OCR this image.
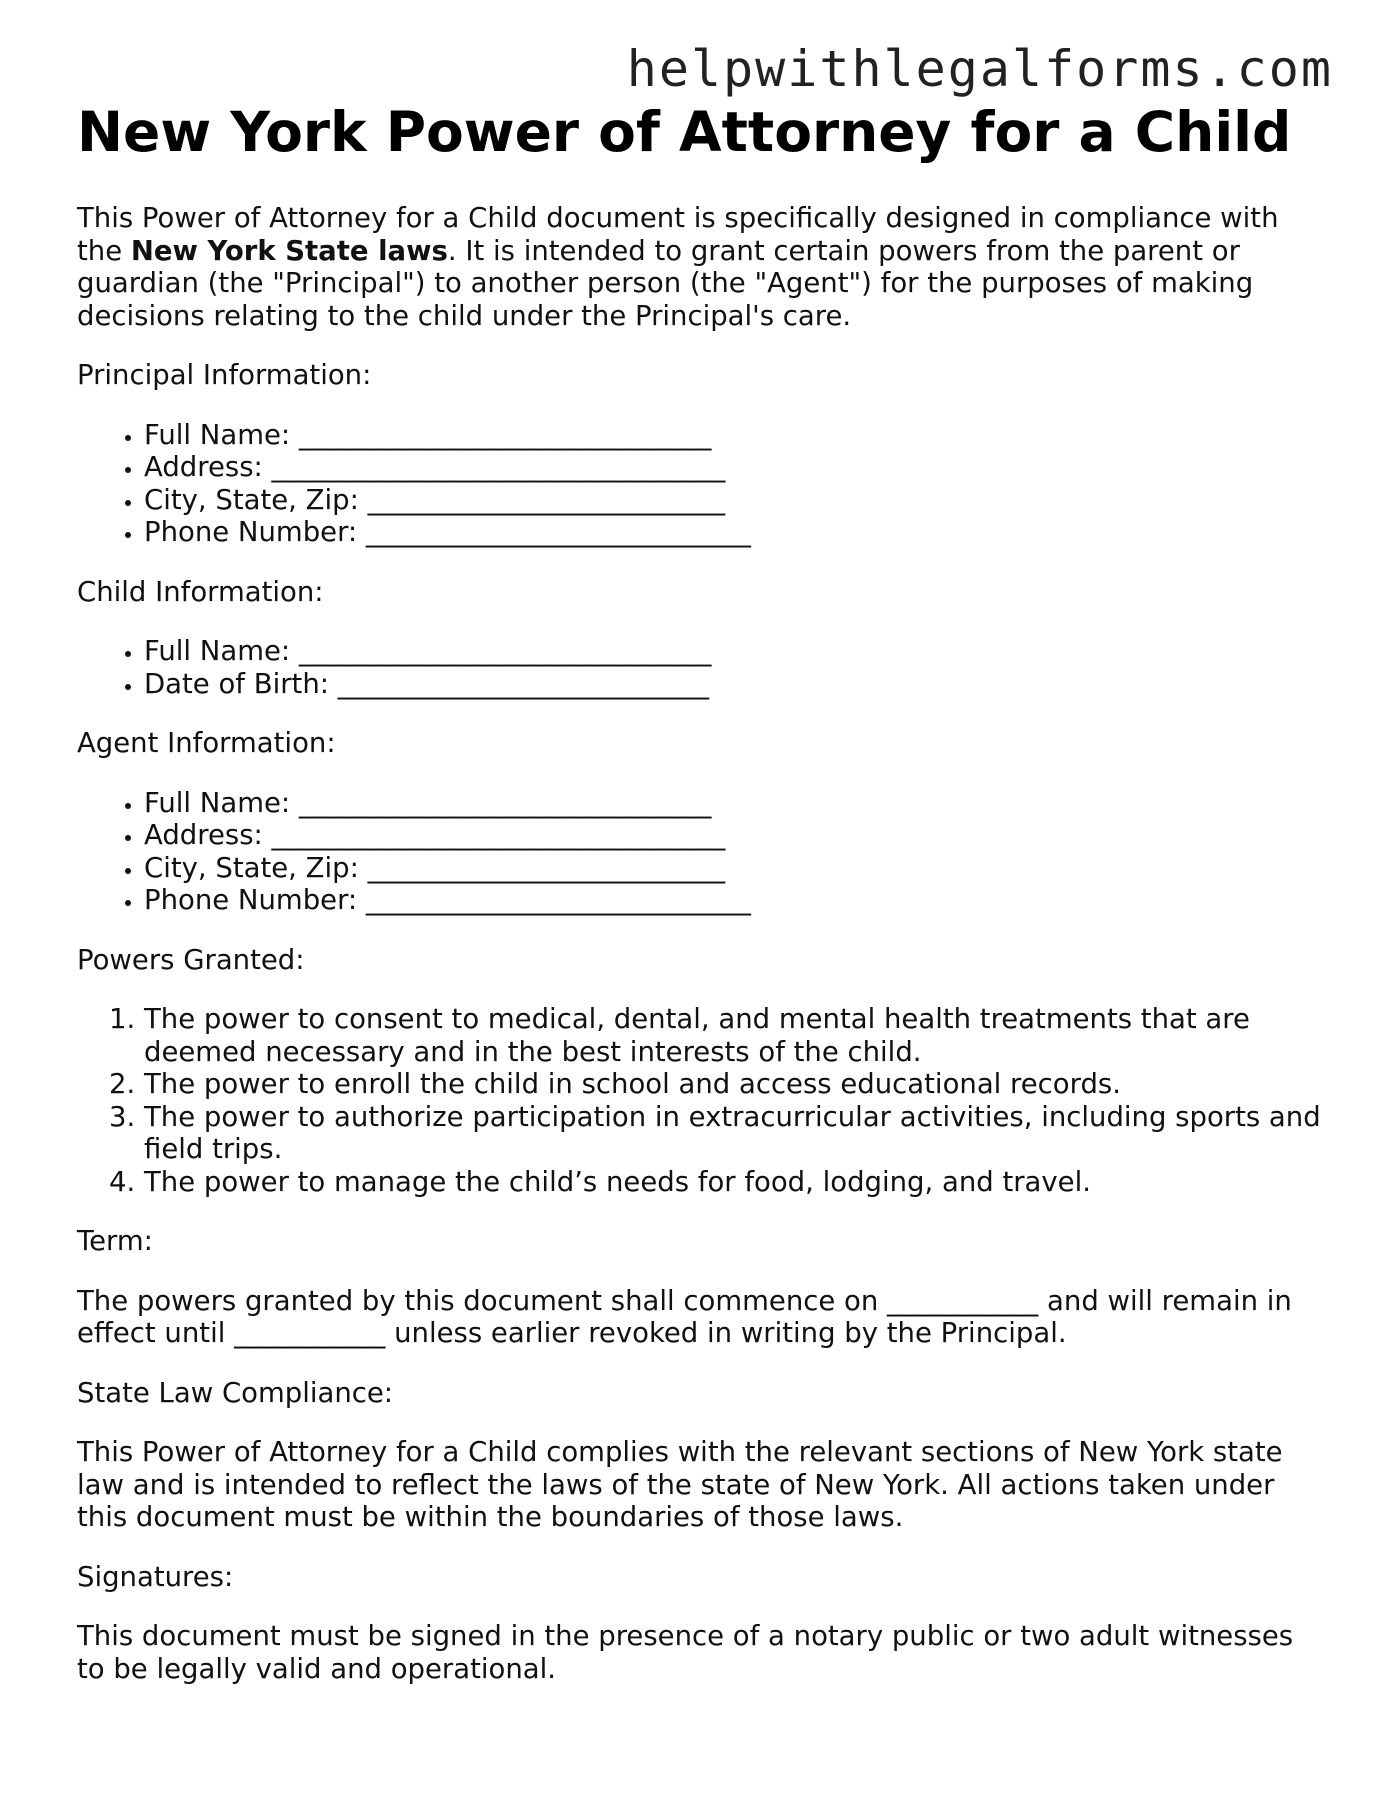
helpwithlegalforms.com
New York Power of Attorney for a Child

This Power of Attorney for a Child document is specifically designed in compliance with the New York State laws. It is intended to grant certain powers from the parent or guardian (the "Principal") to another person (the "Agent") for the purposes of making decisions relating to the child under the Principal's care.

Principal Information:

• Full Name: ______________________________
• Address: _________________________________
• City, State, Zip: __________________________
• Phone Number: ____________________________

Child Information:

• Full Name: ______________________________
• Date of Birth: ___________________________

Agent Information:

• Full Name: ______________________________
• Address: _________________________________
• City, State, Zip: __________________________
• Phone Number: ____________________________

Powers Granted:

1. The power to consent to medical, dental, and mental health treatments that are deemed necessary and in the best interests of the child.
2. The power to enroll the child in school and access educational records.
3. The power to authorize participation in extracurricular activities, including sports and field trips.
4. The power to manage the child’s needs for food, lodging, and travel.

Term:

The powers granted by this document shall commence on ___________ and will remain in effect until ___________ unless earlier revoked in writing by the Principal.

State Law Compliance:

This Power of Attorney for a Child complies with the relevant sections of New York state law and is intended to reflect the laws of the state of New York. All actions taken under this document must be within the boundaries of those laws.

Signatures:

This document must be signed in the presence of a notary public or two adult witnesses to be legally valid and operational.
